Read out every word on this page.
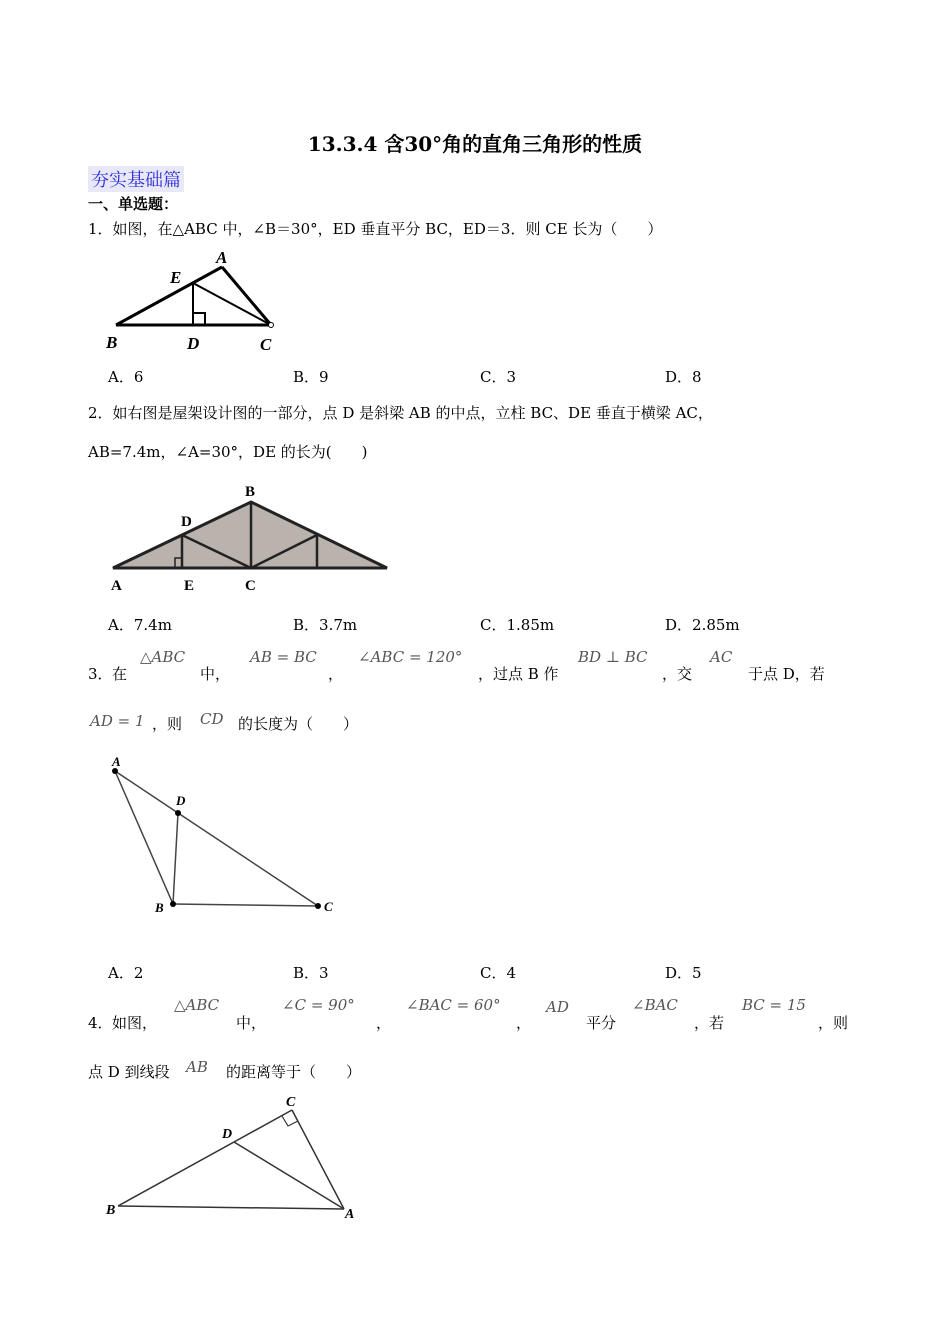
13.3.4 含30°角的直角三角形的性质
夯实基础篇
一、单选题：
1．如图，在△ABC 中，∠B＝30°，ED 垂直平分 BC，ED＝3．则 CE 长为（　　）
A
E
B	D	C
A．6	B．9	C．3	D．8
2．如右图是屋架设计图的一部分，点 D 是斜梁 AB 的中点，立柱 BC、DE 垂直于横梁 AC，
AB=7.4m，∠A=30°，DE 的长为(　　)
B
D
A	E	C
A．7.4m	B．3.7m	C．1.85m	D．2.85m
3． 在
△ABC
中，
AB = BC
，
∠ABC = 120°
，过点 B 作
BD ⊥ BC
，交
AC
于点 D，若
AD = 1 ，则 CD 的长度为（　　）
A
D
B	C
A．2	B．3	C．4	D．5
4． 如图，
△ABC
中，
∠C = 90°
，
∠BAC = 60°
，
AD
平分
∠BAC
，若
BC = 15
，则
点 D 到线段 AB 的距离等于（　　）
C
D
B	A
